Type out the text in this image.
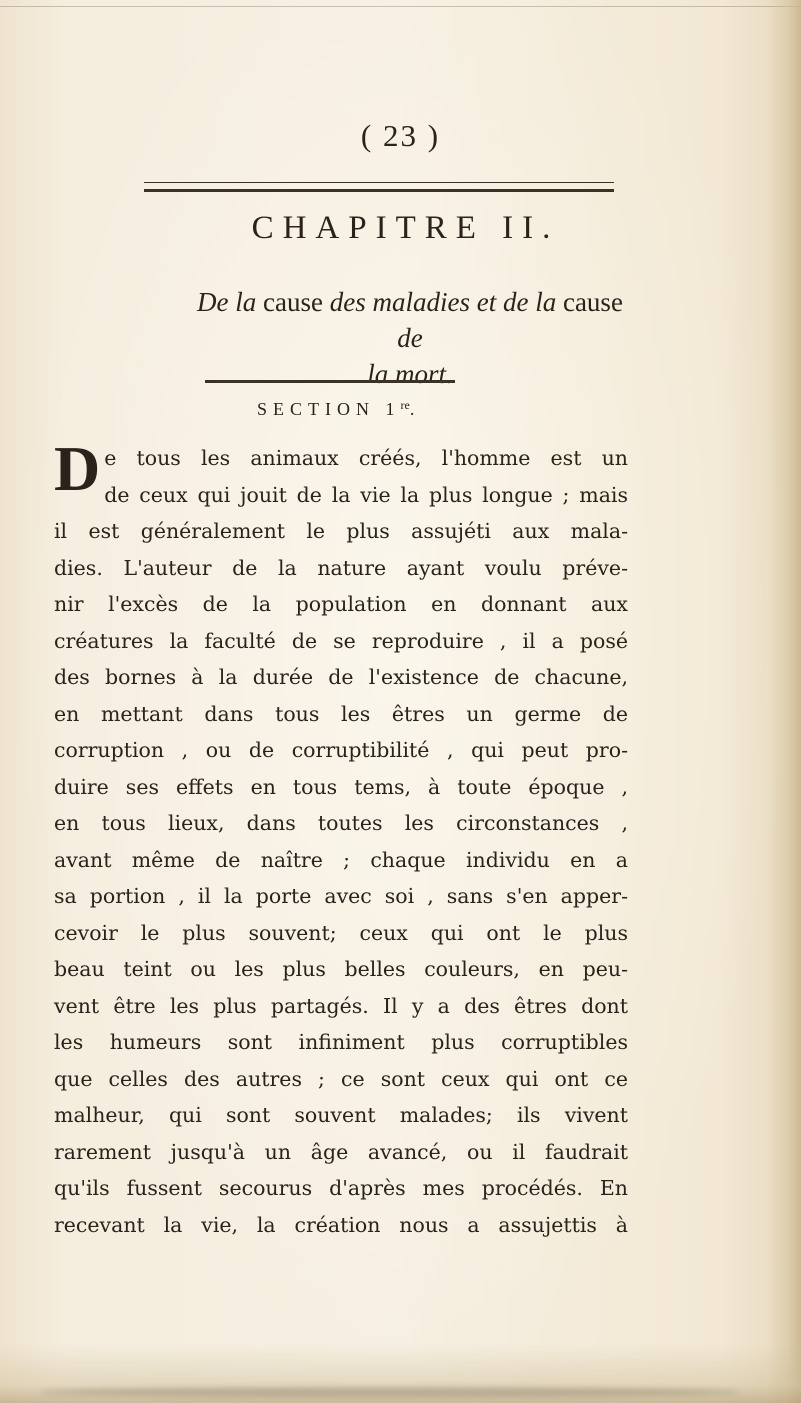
( 23 )
CHAPITRE II.
De la cause des maladies et de la cause de
la mort.
SECTION 1re.
D e tous les animaux créés, l'homme est un
de ceux qui jouit de la vie la plus longue ; mais
il est généralement le plus assujéti aux mala-
dies. L'auteur de la nature ayant voulu préve-
nir l'excès de la population en donnant aux
créatures la faculté de se reproduire , il a posé
des bornes à la durée de l'existence de chacune,
en mettant dans tous les êtres un germe de
corruption , ou de corruptibilité , qui peut pro-
duire ses effets en tous tems, à toute époque ,
en tous lieux, dans toutes les circonstances ,
avant même de naître ; chaque individu en a
sa portion , il la porte avec soi , sans s'en apper-
cevoir le plus souvent; ceux qui ont le plus
beau teint ou les plus belles couleurs, en peu-
vent être les plus partagés. Il y a des êtres dont
les humeurs sont infiniment plus corruptibles
que celles des autres ; ce sont ceux qui ont ce
malheur, qui sont souvent malades; ils vivent
rarement jusqu'à un âge avancé, ou il faudrait
qu'ils fussent secourus d'après mes procédés. En
recevant la vie, la création nous a assujettis à
